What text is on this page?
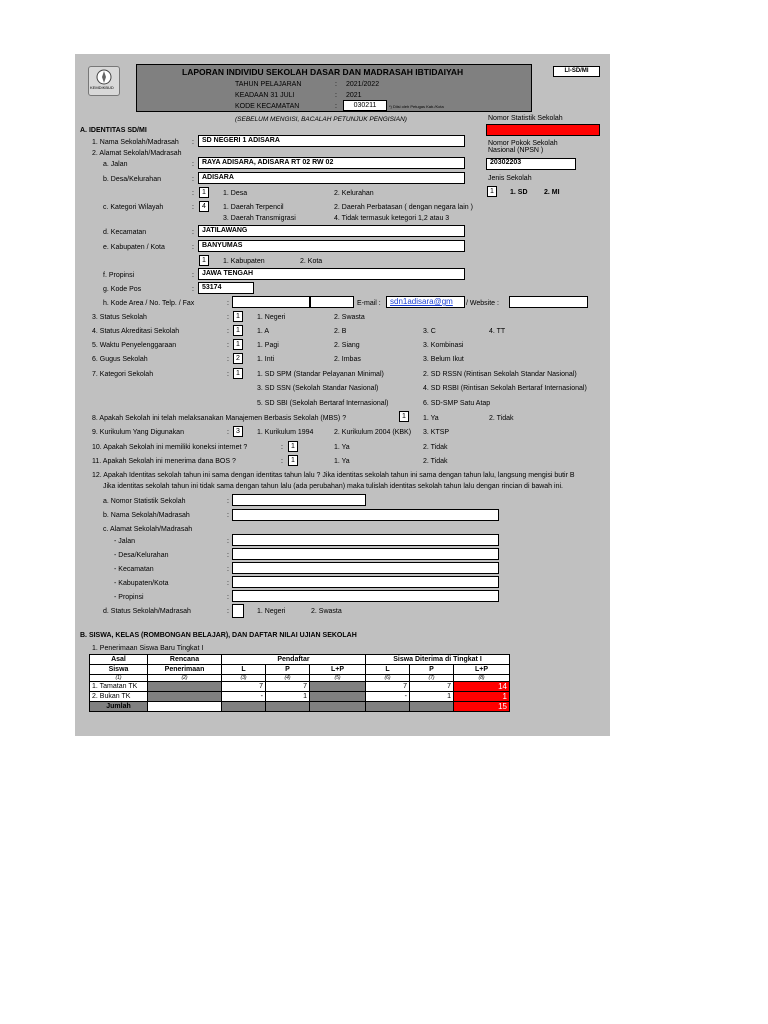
KEMDIKBUD
LAPORAN INDIVIDU SEKOLAH DASAR DAN MADRASAH IBTIDAIYAH
TAHUN PELAJARAN	: 2021/2022
KEADAAN 31 JULI	: 2021
KODE KECAMATAN	:	030211	*) Diisi oleh Petugas Kab./Kota
(SEBELUM MENGISI, BACALAH PETUNJUK PENGISIAN)
LI-SD/MI
Nomor Statistik Sekolah
Nomor Pokok Sekolah
Nasional (NPSN )
20302203
Jenis Sekolah
1	1. SD 2. MI
A. IDENTITAS SD/MI
1. Nama Sekolah/Madrasah :	SD NEGERI 1 ADISARA
2. Alamat Sekolah/Madrasah
a. Jalan	:	RAYA ADISARA, ADISARA RT 02 RW 02
b. Desa/Kelurahan	:	ADISARA
:	1	1. Desa	2. Kelurahan
c. Kategori Wilayah	:	4	1. Daerah Terpencil	2. Daerah Perbatasan ( dengan negara lain )
3. Daerah Transmigrasi	4. Tidak termasuk ketegori 1,2 atau 3
d. Kecamatan	:	JATILAWANG
e. Kabupaten / Kota	:	BANYUMAS
1	1. Kabupaten	2. Kota
f. Propinsi	:	JAWA TENGAH
g. Kode Pos	:	53174
h. Kode Area / No. Telp. / Fax	:	E-mail :	sdn1adisara@gm	/ Website :
3. Status Sekolah	:	1	1. Negeri	2. Swasta
4. Status Akreditasi Sekolah	:	1	1. A	2. B	3. C	4. TT
5. Waktu Penyelenggaraan	:	1	1. Pagi	2. Siang	3. Kombinasi
6. Gugus Sekolah	:	2	1. Inti	2. Imbas	3. Belum Ikut
7. Kategori Sekolah	:	1	1. SD SPM (Standar Pelayanan Minimal)	2. SD RSSN (Rintisan Sekolah Standar Nasional)
3. SD SSN (Sekolah Standar Nasional)	4. SD RSBI (Rintisan Sekolah Bertaraf Internasional)
5. SD SBI (Sekolah Bertaraf Internasional)	6. SD-SMP Satu Atap
8. Apakah Sekolah ini telah melaksanakan Manajemen Berbasis Sekolah (MBS) ?	1	1. Ya	2. Tidak
9. Kurikulum Yang Digunakan	:	3	1. Kurikulum 1994	2. Kurikulum 2004 (KBK) 3. KTSP
10. Apakah Sekolah ini memiliki koneksi internet ?	:	1	1. Ya	2. Tidak
11. Apakah Sekolah ini menerima dana BOS ?	:	1	1. Ya	2. Tidak
12. Apakah Identitas sekolah tahun ini sama dengan identitas tahun lalu ? Jika identitas sekolah tahun ini sama dengan tahun lalu, langsung mengisi butir B
Jika identitas sekolah tahun ini tidak sama dengan tahun lalu (ada perubahan) maka tulislah identitas sekolah tahun lalu dengan rincian di bawah ini.
a. Nomor Statistik Sekolah	:
b. Nama Sekolah/Madrasah	:
c. Alamat Sekolah/Madrasah
- Jalan	:
- Desa/Kelurahan	:
- Kecamatan	:
- Kabupaten/Kota	:
- Propinsi	:
d. Status Sekolah/Madrasah	:	1. Negeri	2. Swasta
B. SISWA, KELAS (ROMBONGAN BELAJAR), DAN DAFTAR NILAI UJIAN SEKOLAH
1. Penerimaan Siswa Baru Tingkat I
Asal	Rencana	Pendaftar			Siswa Diterima di Tingkat I		
Siswa	Penerimaan	L	P	L+P	L	P	L+P
(1)	(2)	(3)	(4)	(5)	(6)	(7)	(8)
1. Tamatan TK		7	7		7	7	14
2. Bukan TK		-	1		-	1	1
Jumlah							15
